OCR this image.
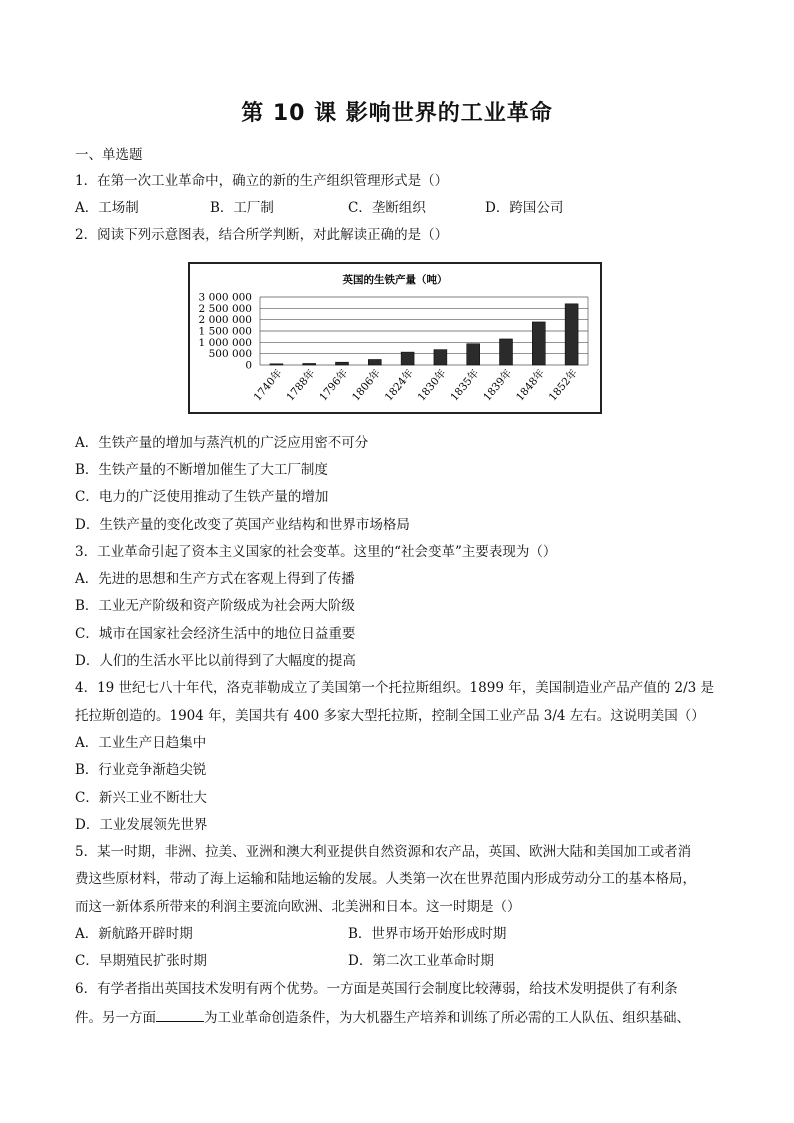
第 10 课 影响世界的工业革命
一、单选题
1．在第一次工业革命中，确立的新的生产组织管理形式是（）
A．工场制	B．工厂制	C．垄断组织	D．跨国公司
2．阅读下列示意图表，结合所学判断，对此解读正确的是（）
英国的生铁产量（吨）
3 000 000
2 500 000
2 000 000
1 500 000
1 000 000
500 000
0
1740年 1788年 1796年 1806年 1824年 1830年 1835年 1839年 1848年 1852年
A．生铁产量的增加与蒸汽机的广泛应用密不可分
B．生铁产量的不断增加催生了大工厂制度
C．电力的广泛使用推动了生铁产量的增加
D．生铁产量的变化改变了英国产业结构和世界市场格局
3．工业革命引起了资本主义国家的社会变革。这里的“社会变革”主要表现为（）
A．先进的思想和生产方式在客观上得到了传播
B．工业无产阶级和资产阶级成为社会两大阶级
C．城市在国家社会经济生活中的地位日益重要
D．人们的生活水平比以前得到了大幅度的提高
4．19 世纪七八十年代，洛克菲勒成立了美国第一个托拉斯组织。1899 年，美国制造业产品产值的 2/3 是
托拉斯创造的。1904 年，美国共有 400 多家大型托拉斯，控制全国工业产品 3/4 左右。这说明美国（）
A．工业生产日趋集中
B．行业竞争渐趋尖锐
C．新兴工业不断壮大
D．工业发展领先世界
5．某一时期，非洲、拉美、亚洲和澳大利亚提供自然资源和农产品，英国、欧洲大陆和美国加工或者消
费这些原材料，带动了海上运输和陆地运输的发展。人类第一次在世界范围内形成劳动分工的基本格局，
而这一新体系所带来的利润主要流向欧洲、北美洲和日本。这一时期是（）
A．新航路开辟时期	B．世界市场开始形成时期
C．早期殖民扩张时期	D．第二次工业革命时期
6．有学者指出英国技术发明有两个优势。一方面是英国行会制度比较薄弱，给技术发明提供了有利条
件。另一方面	为工业革命创造条件，为大机器生产培养和训练了所必需的工人队伍、组织基础、
